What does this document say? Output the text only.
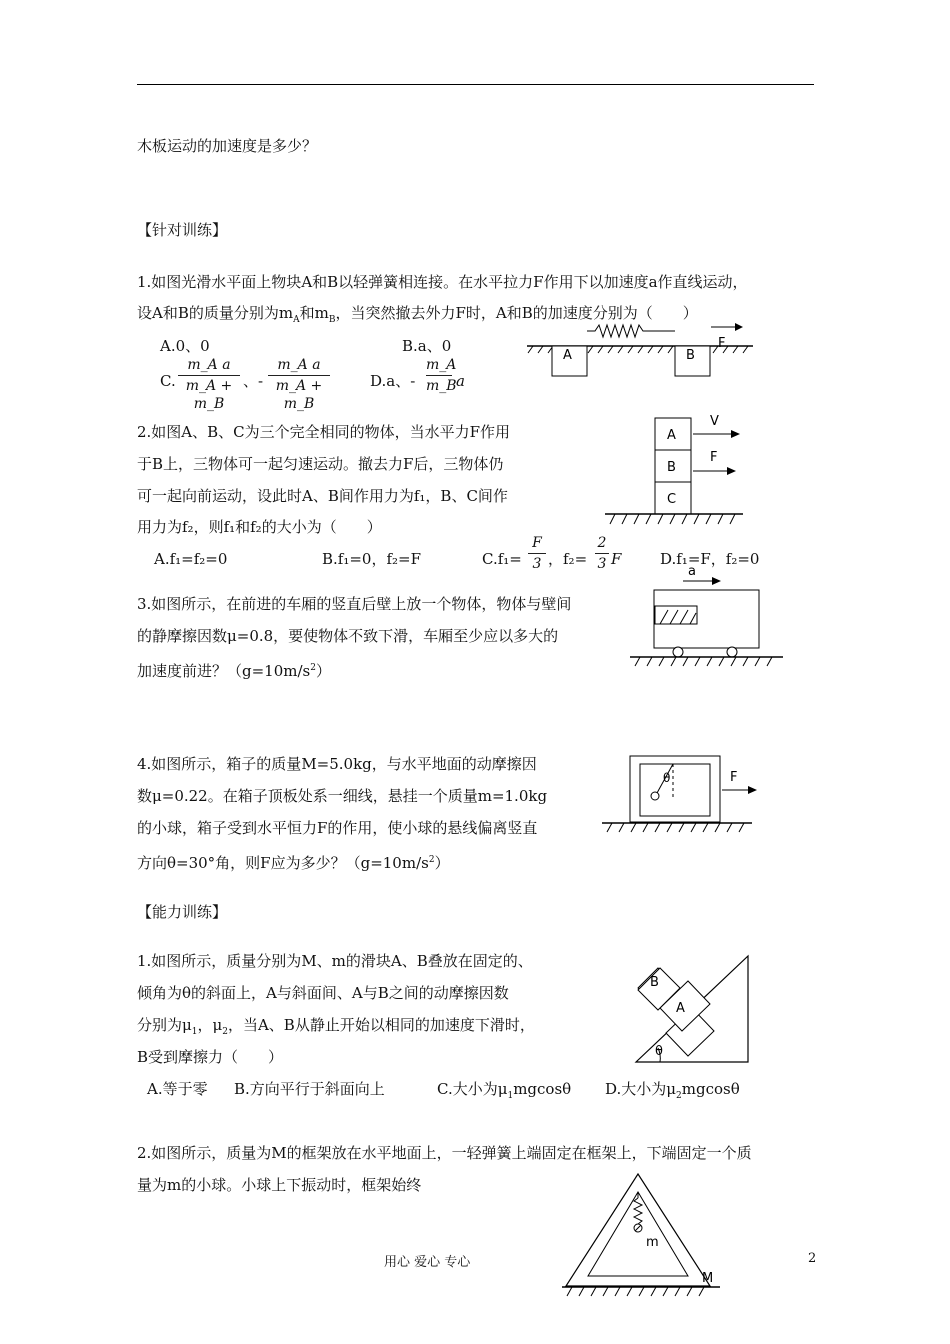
木板运动的加速度是多少？
【针对训练】
1.如图光滑水平面上物块A和B以轻弹簧相连接。在水平拉力F作用下以加速度a作直线运动，
设A和B的质量分别为$m_A$和$m_B$，当突然撤去外力F时，A和B的加速度分别为（　　）
A.0、0	B.a、0
C.
m_A a
m_A + m_B
、-
m_A a
m_A + m_B
D.a、-
m_A
m_B a
A	B
F
2.如图A、B、C为三个完全相同的物体，当水平力F作用
于B上，三物体可一起匀速运动。撤去力F后，三物体仍
可一起向前运动，设此时A、B间作用力为f₁，B、C间作
用力为f₂，则f₁和f₂的大小为（　　）
A.f₁=f₂=0	B.f₁=0，f₂=F	C.f₁=
F
3 ，f₂=
2
3 F	D.f₁=F，f₂=0
A
B
C
V
F
3.如图所示，在前进的车厢的竖直后壁上放一个物体，物体与壁间
的静摩擦因数μ=0.8，要使物体不致下滑，车厢至少应以多大的
加速度前进？$(g=10m/s^2)$
a
4.如图所示，箱子的质量M=5.0kg，与水平地面的动摩擦因
数μ=0.22。在箱子顶板处系一细线，悬挂一个质量m=1.0kg
的小球，箱子受到水平恒力F的作用，使小球的悬线偏离竖直
方向θ=30°角，则F应为多少？$(g=10m/s^2)$
θ	F
【能力训练】
1.如图所示，质量分别为M、m的滑块A、B叠放在固定的、
倾角为θ的斜面上，A与斜面间、A与B之间的动摩擦因数
分别为$\mu_1$，$\mu_2$，当A、B从静止开始以相同的加速度下滑时，
B受到摩擦力（　　）
A.等于零 B.方向平行于斜面向上	C.大小为$\mu_1mgcos\theta$ D.大小为$\mu_2mgcos\theta$
B
A
θ
2.如图所示，质量为M的框架放在水平地面上，一轻弹簧上端固定在框架上，下端固定一个质
量为m的小球。小球上下振动时，框架始终
m
M
用心 爱心 专心	2
